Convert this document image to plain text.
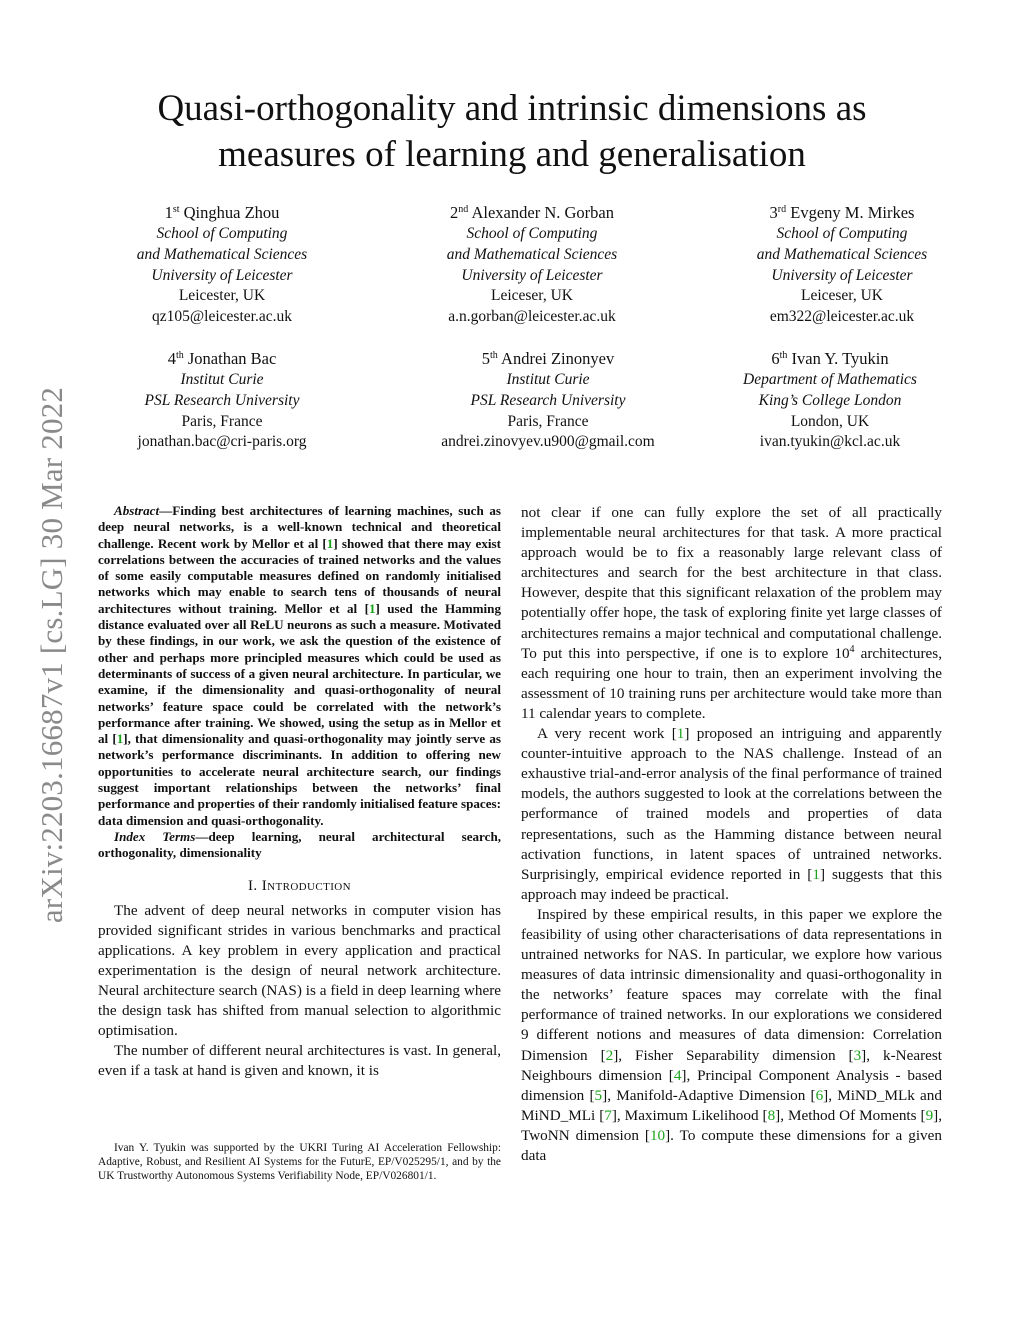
arXiv:2203.16687v1 [cs.LG] 30 Mar 2022
Quasi-orthogonality and intrinsic dimensions as
measures of learning and generalisation
1st Qinghua Zhou
School of Computing
and Mathematical Sciences
University of Leicester
Leicester, UK
qz105@leicester.ac.uk
2nd Alexander N. Gorban
School of Computing
and Mathematical Sciences
University of Leicester
Leiceser, UK
a.n.gorban@leicester.ac.uk
3rd Evgeny M. Mirkes
School of Computing
and Mathematical Sciences
University of Leicester
Leiceser, UK
em322@leicester.ac.uk
4th Jonathan Bac
Institut Curie
PSL Research University
Paris, France
jonathan.bac@cri-paris.org
5th Andrei Zinonyev
Institut Curie
PSL Research University
Paris, France
andrei.zinovyev.u900@gmail.com
6th Ivan Y. Tyukin
Department of Mathematics
King’s College London
London, UK
ivan.tyukin@kcl.ac.uk

Abstract—Finding best architectures of learning machines, such as deep neural networks, is a well-known technical and theoretical challenge. Recent work by Mellor et al [1] showed that there may exist correlations between the accuracies of trained networks and the values of some easily computable measures defined on randomly initialised networks which may enable to search tens of thousands of neural architectures without training. Mellor et al [1] used the Hamming distance evaluated over all ReLU neurons as such a measure. Motivated by these findings, in our work, we ask the question of the existence of other and perhaps more principled measures which could be used as determinants of success of a given neural architecture. In particular, we examine, if the dimensionality and quasi-orthogonality of neural networks’ feature space could be correlated with the network’s performance after training. We showed, using the setup as in Mellor et al [1], that dimensionality and quasi-orthogonality may jointly serve as network’s performance discriminants. In addition to offering new opportunities to accelerate neural architecture search, our findings suggest important relationships between the networks’ final performance and properties of their randomly initialised feature spaces: data dimension and quasi-orthogonality.

Index Terms—deep learning, neural architectural search, orthogonality, dimensionality

I. Introduction

The advent of deep neural networks in computer vision has provided significant strides in various benchmarks and practical applications. A key problem in every application and practical experimentation is the design of neural network architecture. Neural architecture search (NAS) is a field in deep learning where the design task has shifted from manual selection to algorithmic optimisation.

The number of different neural architectures is vast. In general, even if a task at hand is given and known, it is

Ivan Y. Tyukin was supported by the UKRI Turing AI Acceleration Fellowship: Adaptive, Robust, and Resilient AI Systems for the FuturE, EP/V025295/1, and by the UK Trustworthy Autonomous Systems Verifiability Node, EP/V026801/1.

not clear if one can fully explore the set of all practically implementable neural architectures for that task. A more practical approach would be to fix a reasonably large relevant class of architectures and search for the best architecture in that class. However, despite that this significant relaxation of the problem may potentially offer hope, the task of exploring finite yet large classes of architectures remains a major technical and computational challenge. To put this into perspective, if one is to explore $10^4$ architectures, each requiring one hour to train, then an experiment involving the assessment of 10 training runs per architecture would take more than 11 calendar years to complete.

A very recent work [1] proposed an intriguing and apparently counter-intuitive approach to the NAS challenge. Instead of an exhaustive trial-and-error analysis of the final performance of trained models, the authors suggested to look at the correlations between the performance of trained models and properties of data representations, such as the Hamming distance between neural activation functions, in latent spaces of untrained networks. Surprisingly, empirical evidence reported in [1] suggests that this approach may indeed be practical.

Inspired by these empirical results, in this paper we explore the feasibility of using other characterisations of data representations in untrained networks for NAS. In particular, we explore how various measures of data intrinsic dimensionality and quasi-orthogonality in the networks’ feature spaces may correlate with the final performance of trained networks. In our explorations we considered 9 different notions and measures of data dimension: Correlation Dimension [2], Fisher Separability dimension [3], k-Nearest Neighbours dimension [4], Principal Component Analysis - based dimension [5], Manifold-Adaptive Dimension [6], MiND_MLk and MiND_MLi [7], Maximum Likelihood [8], Method Of Moments [9], TwoNN dimension [10]. To compute these dimensions for a given data
